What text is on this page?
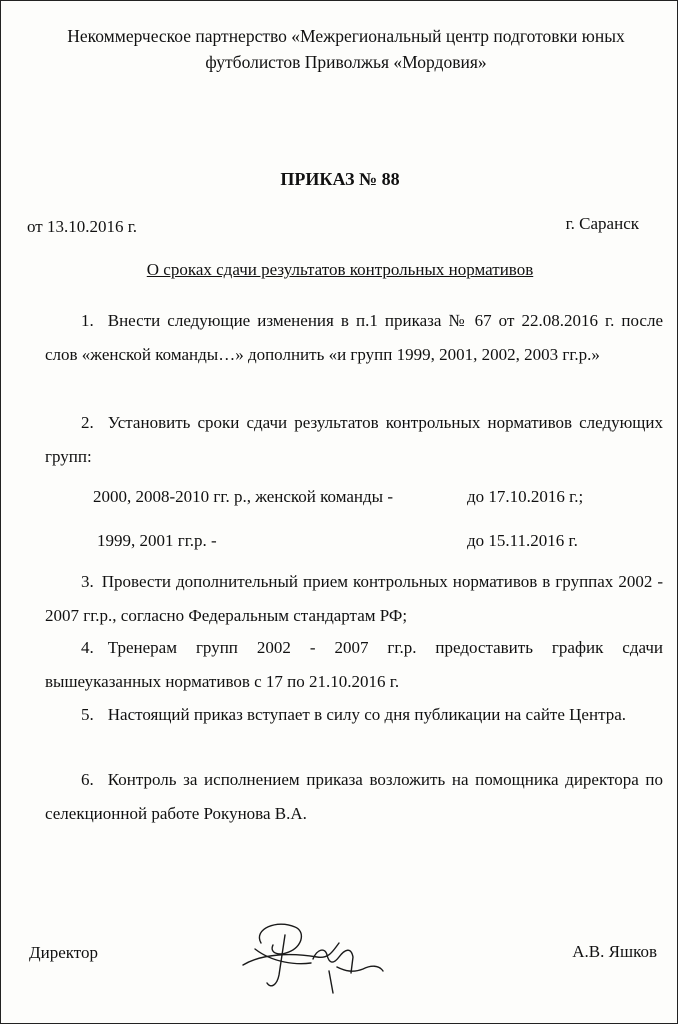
Некоммерческое партнерство «Межрегиональный центр подготовки юных
футболистов Приволжья «Мордовия»
ПРИКАЗ № 88
от 13.10.2016 г.	г. Саранск
О сроках сдачи результатов контрольных нормативов
1. Внести следующие изменения в п.1 приказа № 67 от 22.08.2016 г. после слов «женской команды…» дополнить «и групп 1999, 2001, 2002, 2003 гг.р.»
2. Установить сроки сдачи результатов контрольных нормативов следующих групп:
2000, 2008-2010 гг. р., женской команды -	до 17.10.2016 г.;
1999, 2001 гг.р. -	до 15.11.2016 г.
3. Провести дополнительный прием контрольных нормативов в группах 2002 - 2007 гг.р., согласно Федеральным стандартам РФ;
4. Тренерам групп 2002 - 2007 гг.р. предоставить график сдачи вышеуказанных нормативов с 17 по 21.10.2016 г.
5. Настоящий приказ вступает в силу со дня публикации на сайте Центра.
6. Контроль за исполнением приказа возложить на помощника директора по селекционной работе Рокунова В.А.
Директор	А.В. Яшков
